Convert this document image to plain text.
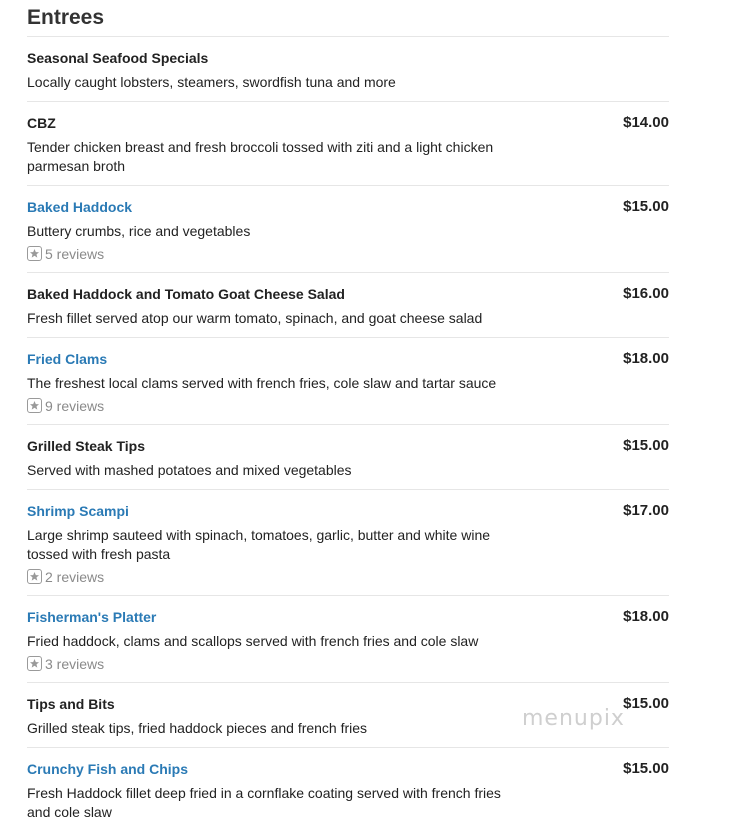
Entrees
Seasonal Seafood Specials
Locally caught lobsters, steamers, swordfish tuna and more
CBZ	$14.00
Tender chicken breast and fresh broccoli tossed with ziti and a light chicken parmesan broth
Baked Haddock	$15.00
Buttery crumbs, rice and vegetables
5 reviews
Baked Haddock and Tomato Goat Cheese Salad	$16.00
Fresh fillet served atop our warm tomato, spinach, and goat cheese salad
Fried Clams	$18.00
The freshest local clams served with french fries, cole slaw and tartar sauce
9 reviews
Grilled Steak Tips	$15.00
Served with mashed potatoes and mixed vegetables
Shrimp Scampi	$17.00
Large shrimp sauteed with spinach, tomatoes, garlic, butter and white wine tossed with fresh pasta
2 reviews
Fisherman's Platter	$18.00
Fried haddock, clams and scallops served with french fries and cole slaw
3 reviews
Tips and Bits	$15.00
Grilled steak tips, fried haddock pieces and french fries
Crunchy Fish and Chips	$15.00
Fresh Haddock fillet deep fried in a cornflake coating served with french fries and cole slaw
menupix
